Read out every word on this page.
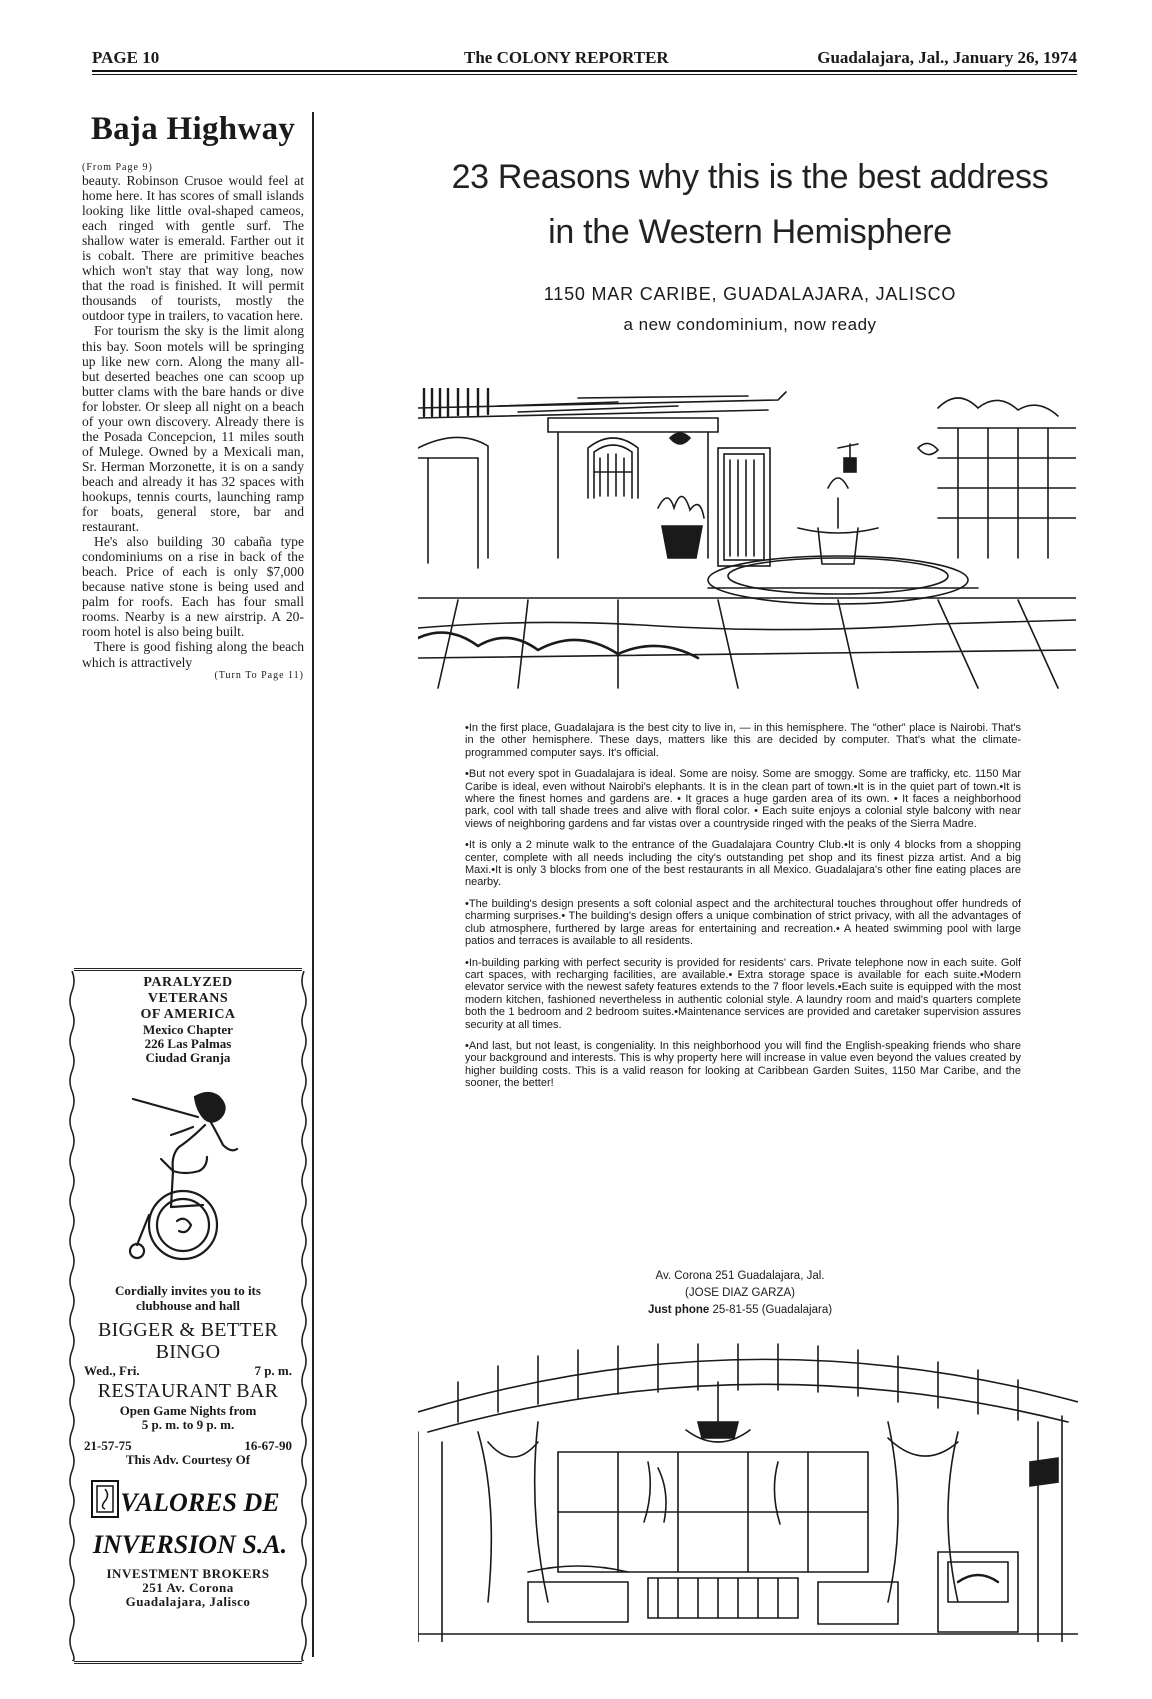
PAGE 10	The COLONY REPORTER	Guadalajara, Jal., January 26, 1974
Baja Highway
(From Page 9)

beauty. Robinson Crusoe would feel at home here. It has scores of small islands looking like little oval-shaped cameos, each ringed with gentle surf. The shallow water is emerald. Farther out it is cobalt. There are primitive beaches which won't stay that way long, now that the road is finished. It will permit thousands of tourists, mostly the outdoor type in trailers, to vacation here.

For tourism the sky is the limit along this bay. Soon motels will be springing up like new corn. Along the many all-but deserted beaches one can scoop up butter clams with the bare hands or dive for lobster. Or sleep all night on a beach of your own discovery. Already there is the Posada Concepcion, 11 miles south of Mulege. Owned by a Mexicali man, Sr. Herman Morzonette, it is on a sandy beach and already it has 32 spaces with hookups, tennis courts, launching ramp for boats, general store, bar and restaurant.

He's also building 30 cabaña type condominiums on a rise in back of the beach. Price of each is only $7,000 because native stone is being used and palm for roofs. Each has four small rooms. Nearby is a new airstrip. A 20-room hotel is also being built.

There is good fishing along the beach which is attractively

(Turn To Page 11)
PARALYZED
VETERANS
OF AMERICA
Mexico Chapter
226 Las Palmas
Ciudad Granja
Cordially invites you to its
clubhouse and hall
BIGGER & BETTER
BINGO
Wed., Fri.	7 p. m.
RESTAURANT BAR
Open Game Nights from
5 p. m. to 9 p. m.
21-57-75	16-67-90
This Adv. Courtesy Of
VALORES DE
INVERSION S.A.
INVESTMENT BROKERS
251 Av. Corona
Guadalajara, Jalisco
23 Reasons why this is the best address
in the Western Hemisphere
1150 MAR CARIBE, GUADALAJARA, JALISCO
a new condominium, now ready

•In the first place, Guadalajara is the best city to live in, — in this hemisphere. The "other" place is Nairobi. That's in the other hemisphere. These days, matters like this are decided by computer. That's what the climate-programmed computer says. It's official.

•But not every spot in Guadalajara is ideal. Some are noisy. Some are smoggy. Some are trafficky, etc. 1150 Mar Caribe is ideal, even without Nairobi's elephants. It is in the clean part of town.•It is in the quiet part of town.•It is where the finest homes and gardens are. • It graces a huge garden area of its own. • It faces a neighborhood park, cool with tall shade trees and alive with floral color. • Each suite enjoys a colonial style balcony with near views of neighboring gardens and far vistas over a countryside ringed with the peaks of the Sierra Madre.

•It is only a 2 minute walk to the entrance of the Guadalajara Country Club.•It is only 4 blocks from a shopping center, complete with all needs including the city's outstanding pet shop and its finest pizza artist. And a big Maxi.•It is only 3 blocks from one of the best restaurants in all Mexico. Guadalajara's other fine eating places are nearby.

•The building's design presents a soft colonial aspect and the architectural touches throughout offer hundreds of charming surprises.• The building's design offers a unique combination of strict privacy, with all the advantages of club atmosphere, furthered by large areas for entertaining and recreation.• A heated swimming pool with large patios and terraces is available to all residents.

•In-building parking with perfect security is provided for residents' cars. Private telephone now in each suite. Golf cart spaces, with recharging facilities, are available.• Extra storage space is available for each suite.•Modern elevator service with the newest safety features extends to the 7 floor levels.•Each suite is equipped with the most modern kitchen, fashioned nevertheless in authentic colonial style. A laundry room and maid's quarters complete both the 1 bedroom and 2 bedroom suites.•Maintenance services are provided and caretaker supervision assures security at all times.

•And last, but not least, is congeniality. In this neighborhood you will find the English-speaking friends who share your background and interests. This is why property here will increase in value even beyond the values created by higher building costs. This is a valid reason for looking at Caribbean Garden Suites, 1150 Mar Caribe, and the sooner, the better!

Av. Corona 251 Guadalajara, Jal.
(JOSE DIAZ GARZA)
Just phone 25-81-55 (Guadalajara)
